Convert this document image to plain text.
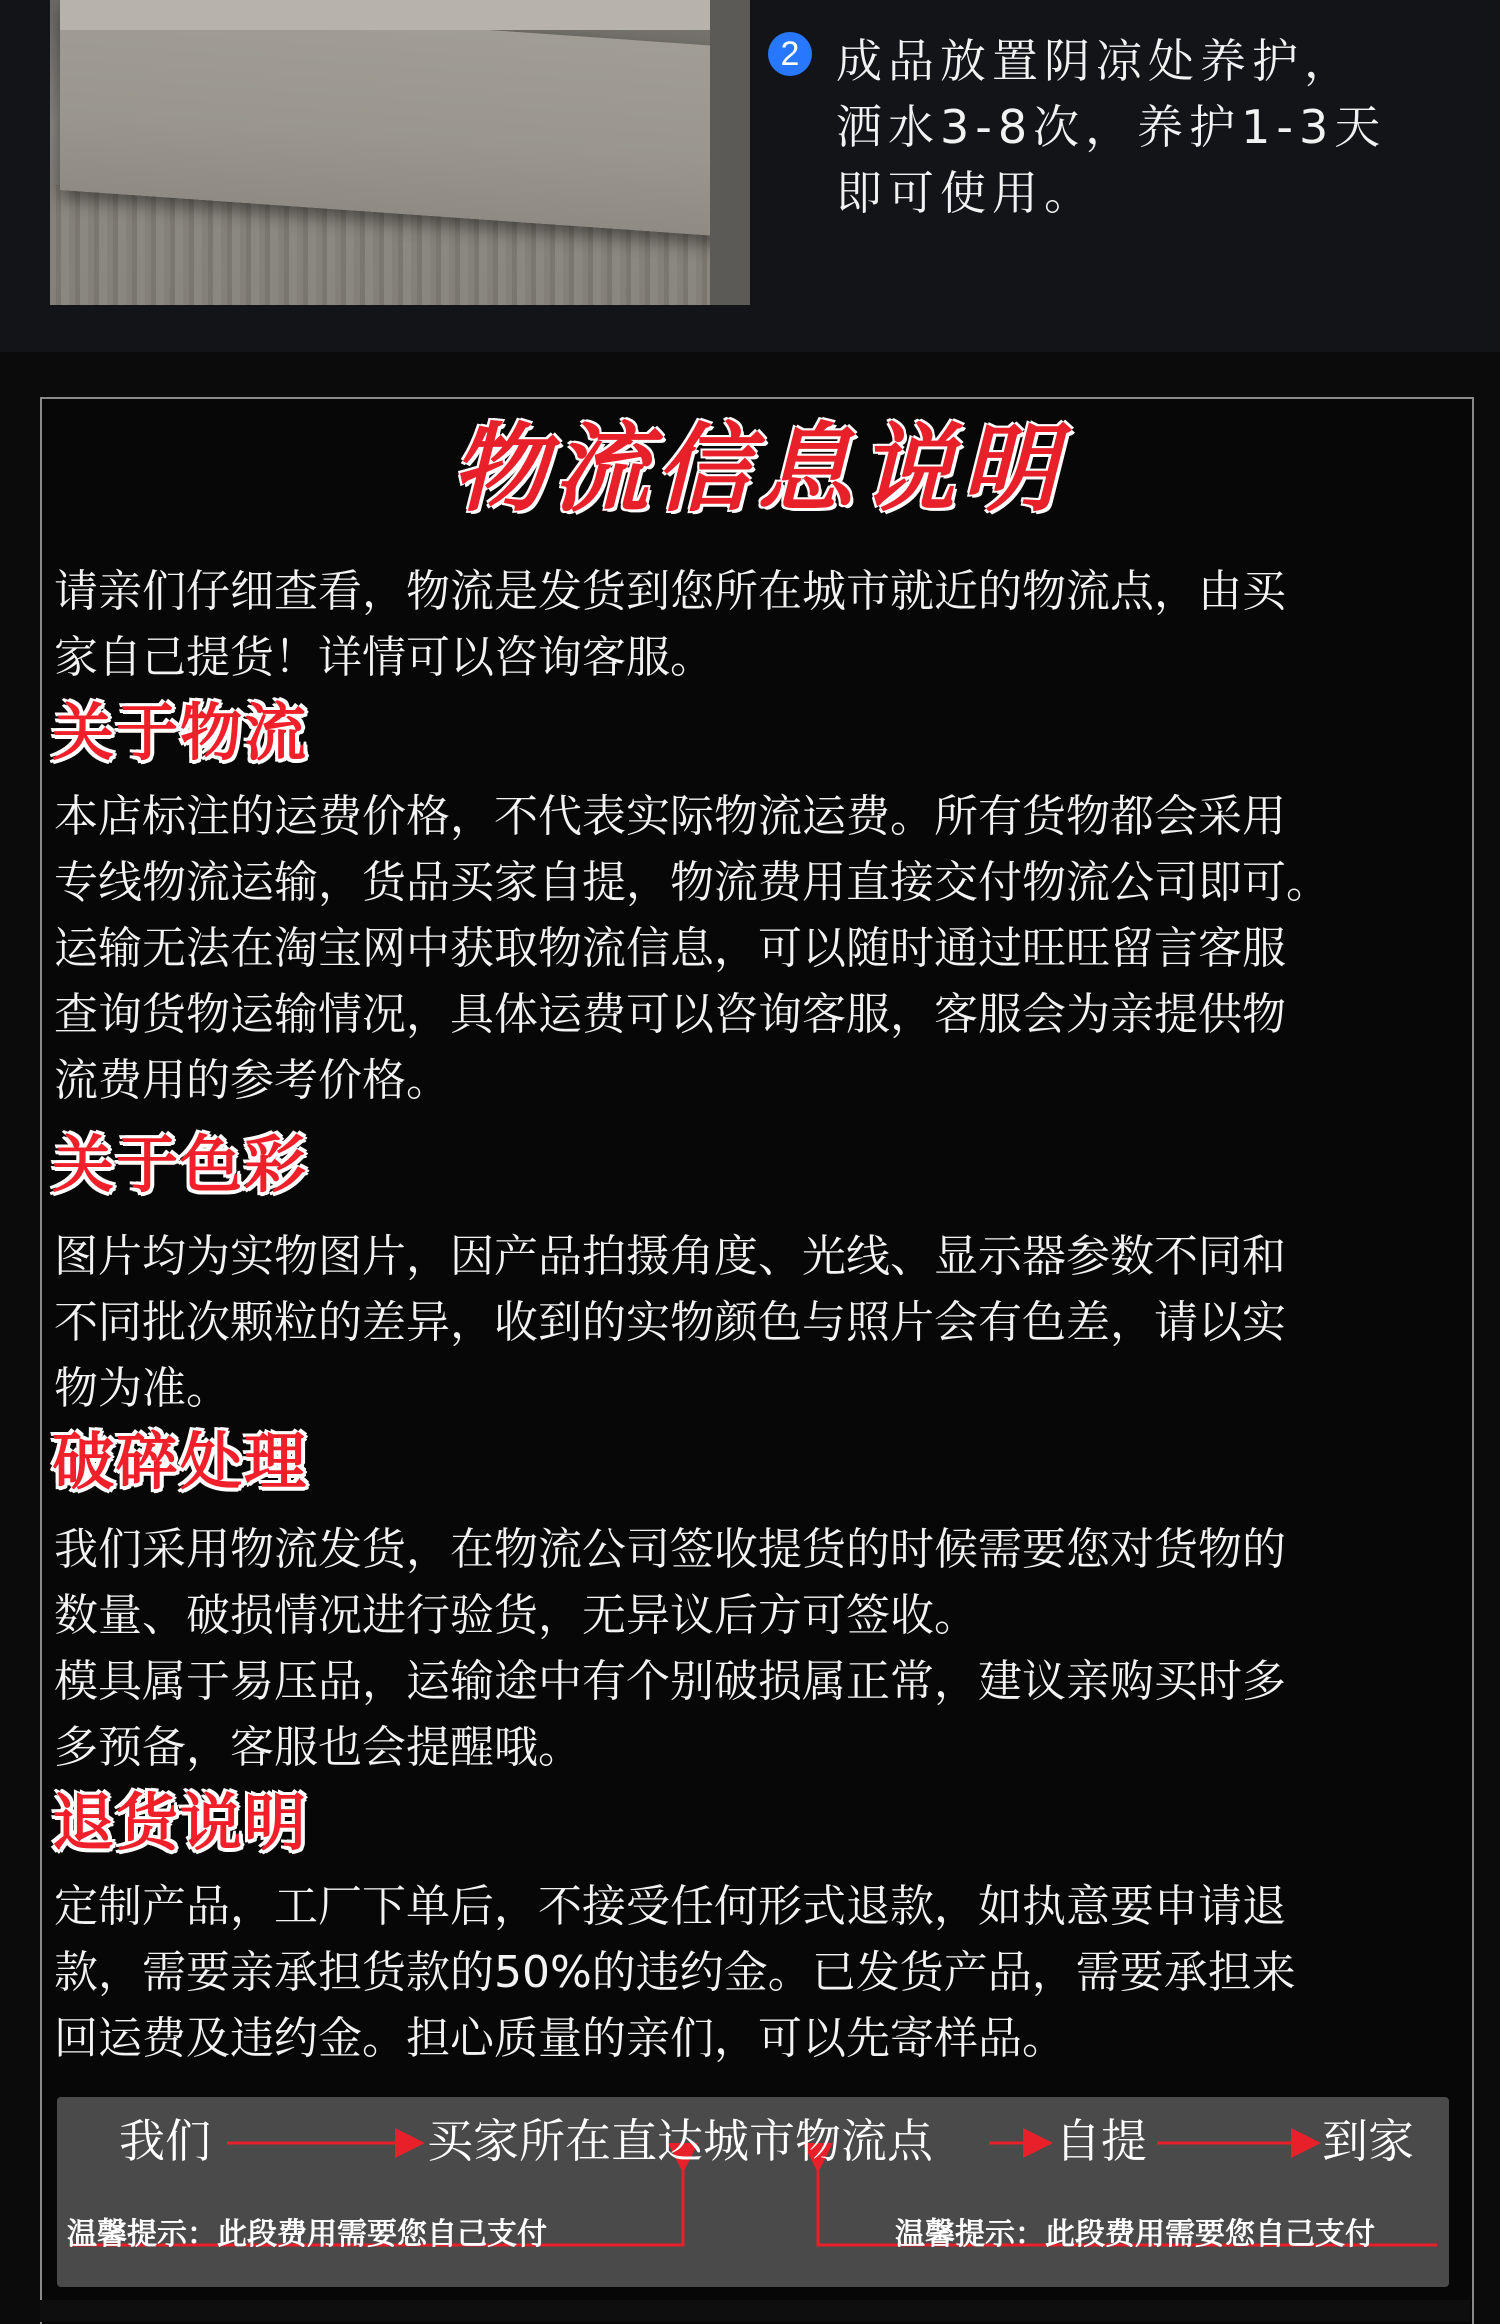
2 成品放置阴凉处养护，
洒水3-8次，养护1-3天
即可使用。
物流信息说明
请亲们仔细查看，物流是发货到您所在城市就近的物流点，由买
家自己提货！详情可以咨询客服。
关于物流
本店标注的运费价格，不代表实际物流运费。所有货物都会采用
专线物流运输，货品买家自提，物流费用直接交付物流公司即可。
运输无法在淘宝网中获取物流信息，可以随时通过旺旺留言客服
查询货物运输情况，具体运费可以咨询客服，客服会为亲提供物
流费用的参考价格。
关于色彩
图片均为实物图片，因产品拍摄角度、光线、显示器参数不同和
不同批次颗粒的差异，收到的实物颜色与照片会有色差，请以实
物为准。
破碎处理
我们采用物流发货，在物流公司签收提货的时候需要您对货物的
数量、破损情况进行验货，无异议后方可签收。
模具属于易压品，运输途中有个别破损属正常，建议亲购买时多
多预备，客服也会提醒哦。
退货说明
定制产品，工厂下单后，不接受任何形式退款，如执意要申请退
款，需要亲承担货款的50%的违约金。已发货产品，需要承担来
回运费及违约金。担心质量的亲们，可以先寄样品。
我们	买家所在直达城市物流点	自提	到家
温馨提示：此段费用需要您自己支付	温馨提示：此段费用需要您自己支付
